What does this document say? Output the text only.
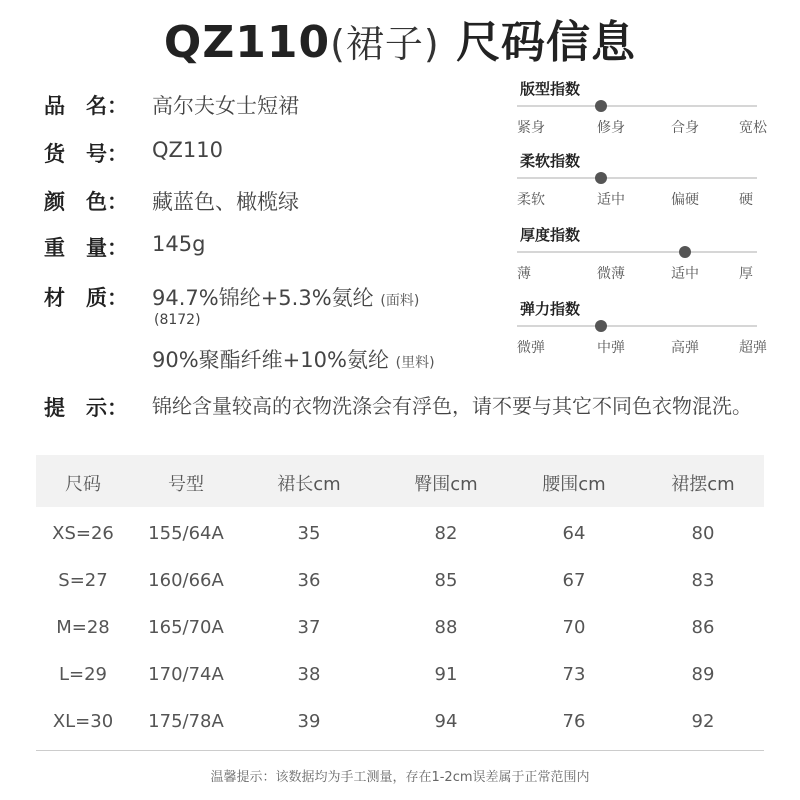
QZ110(裙子) 尺码信息
品　名： 高尔夫女士短裙
货　号： QZ110
颜　色： 藏蓝色、橄榄绿
重　量： 145g
材　质： 94.7%锦纶+5.3%氨纶 (面料)
(8172)
90%聚酯纤维+10%氨纶 (里料)
版型指数
紧身	修身	合身	宽松
柔软指数
柔软	适中	偏硬	硬
厚度指数
薄	微薄	适中	厚
弹力指数
微弹	中弹	高弹	超弹
提　示： 锦纶含量较高的衣物洗涤会有浮色，请不要与其它不同色衣物混洗。
尺码	号型	裙长cm	臀围cm	腰围cm	裙摆cm
XS=26 155/64A	35	82	64	80
S=27 160/66A	36	85	67	83
M=28 165/70A	37	88	70	86
L=29 170/74A	38	91	73	89
XL=30 175/78A	39	94	76	92
温馨提示：该数据均为手工测量，存在1-2cm误差属于正常范围内
